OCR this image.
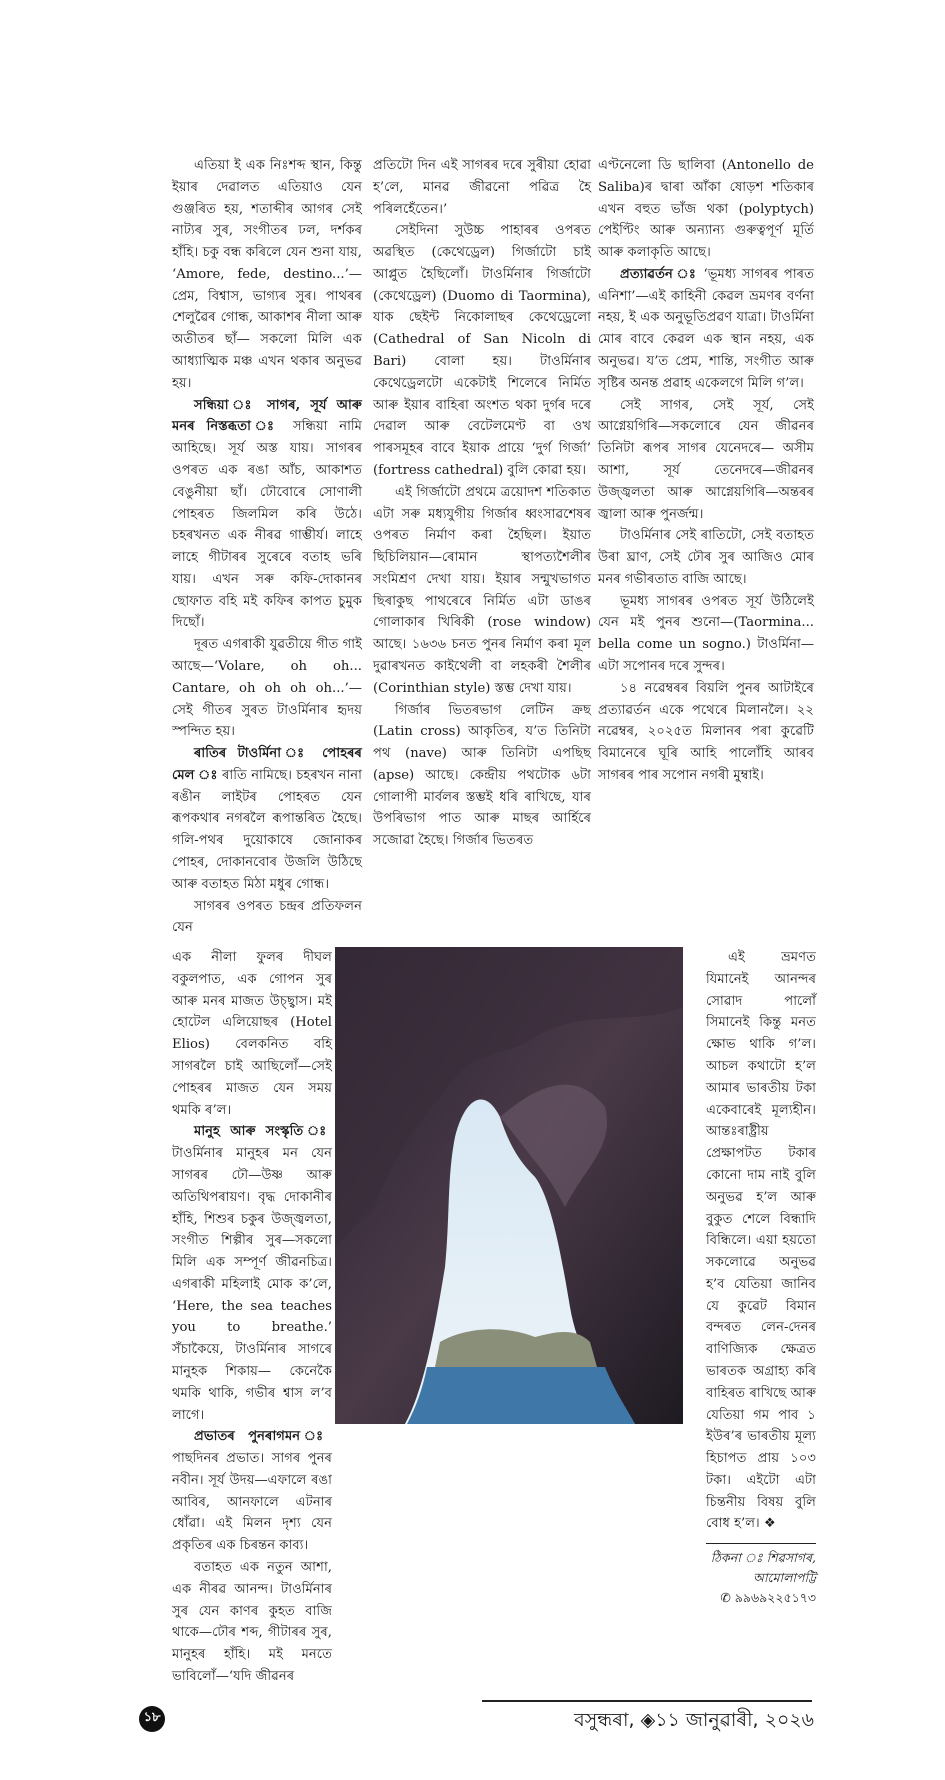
এতিয়া ই এক নিঃশব্দ স্থান, কিন্তু ইয়াৰ দেৱালত এতিয়াও যেন গুঞ্জৰিত হয়, শতাব্দীৰ আগৰ সেই নাট্যৰ সুৰ, সংগীতৰ ঢল, দৰ্শকৰ হাঁহি। চকু বন্ধ কৰিলে যেন শুনা যায়, ‘Amore, fede, destino...’—প্ৰেম, বিশ্বাস, ভাগ্যৰ সুৰ। পাথৰৰ শেলুৱৈৰ গোন্ধ, আকাশৰ নীলা আৰু অতীতৰ ছাঁ— সকলো মিলি এক আধ্যাত্মিক মঞ্চ এখন থকাৰ অনুভৱ হয়।

সন্ধিয়া ঃ সাগৰ, সূৰ্য আৰু মনৰ নিস্তব্ধতা ঃ সন্ধিয়া নামি আহিছে। সূৰ্য অস্ত যায়। সাগৰৰ ওপৰত এক ৰঙা আঁচ, আকাশত বেঙুনীয়া ছাঁ। ঢৌবোৰে সোণালী পোহৰত জিলমিল কৰি উঠে। চহৰখনত এক নীৰৱ গাম্ভীৰ্য। লাহে লাহে গীটাৰৰ সুৰেৰে বতাহ ভৰি যায়। এখন সৰু কফি-দোকানৰ ছোফাত বহি মই কফিৰ কাপত চুমুক দিছোঁ।

দূৰত এগৰাকী যুৱতীয়ে গীত গাই আছে—‘Volare, oh oh... Cantare, oh oh oh oh...’—সেই গীতৰ সুৰত টাওৰ্মিনাৰ হৃদয় স্পন্দিত হয়।

ৰাতিৰ টাওৰ্মিনা ঃ পোহৰৰ মেল ঃ ৰাতি নামিছে। চহৰখন নানা ৰঙীন লাইটৰ পোহৰত যেন ৰূপকথাৰ নগৰলৈ ৰূপান্তৰিত হৈছে। গলি-পথৰ দুয়োকাষে জোনাকৰ পোহৰ, দোকানবোৰ উজলি উঠিছে আৰু বতাহত মিঠা মধুৰ গোন্ধ।

সাগৰৰ ওপৰত চন্দ্ৰৰ প্ৰতিফলন যেন

প্ৰতিটো দিন এই সাগৰৰ দৰে সুৰীয়া হোৱা হ’লে, মানৱ জীৱনো পৱিত্ৰ হৈ পৰিলহেঁতেন।’

সেইদিনা সুউচ্চ পাহাৰৰ ওপৰত অৱস্থিত (কেথেড্ৰেল) গিৰ্জাটো চাই আপ্লুত হৈছিলোঁ। টাওৰ্মিনাৰ গিৰ্জাটো (কেথেড্ৰেল) (Duomo di Taormina), যাক ছেইন্ট নিকোলাছৰ কেথেড্ৰেলো (Cathedral of San Nicoln di Bari) বোলা হয়। টাওৰ্মিনাৰ কেথেড্ৰেলটো একেটাই শিলেৰে নিৰ্মিত আৰু ইয়াৰ বাহিৰা অংশত থকা দুৰ্গৰ দৰে দেৱাল আৰু বেটেলমেণ্ট বা ওখ পাৰসমূহৰ বাবে ইয়াক প্ৰায়ে ‘দুৰ্গ গিৰ্জা’ (fortress cathedral) বুলি কোৱা হয়।

এই গিৰ্জাটো প্ৰথমে ত্ৰয়োদশ শতিকাত এটা সৰু মধ্যযুগীয় গিৰ্জাৰ ধ্বংসাৱশেষৰ ওপৰত নিৰ্মাণ কৰা হৈছিল। ইয়াত ছিচিলিয়ান—ৰোমান স্থাপত্যশৈলীৰ সংমিশ্ৰণ দেখা যায়। ইয়াৰ সন্মুখভাগত ছিৰাকুছ পাথৰেৰে নিৰ্মিত এটা ডাঙৰ গোলাকাৰ খিৰিকী (rose window) আছে। ১৬৩৬ চনত পুনৰ নিৰ্মাণ কৰা মূল দুৱাৰখনত কাইথেলী বা লহকৰী শৈলীৰ (Corinthian style) স্তম্ভ দেখা যায়।

গিৰ্জাৰ ভিতৰভাগ লেটিন ক্ৰছ (Latin cross) আকৃতিৰ, য’ত তিনিটা পথ (nave) আৰু তিনিটা এপছিছ (apse) আছে। কেন্দ্ৰীয় পথটোক ৬টা গোলাপী মাৰ্বলৰ স্তম্ভই ধৰি ৰাখিছে, যাৰ উপৰিভাগ পাত আৰু মাছৰ আৰ্হিৰে সজোৱা হৈছে। গিৰ্জাৰ ভিতৰত

এণ্টনেলো ডি ছালিবা (Antonello de Saliba)ৰ দ্বাৰা আঁকা ষোড়শ শতিকাৰ এখন বহুত ভাঁজ থকা (polyptych) পেইণ্টিং আৰু অন্যান্য গুৰুত্বপূৰ্ণ মূৰ্তি আৰু কলাকৃতি আছে।

প্ৰত্যাৱৰ্তন ঃ ‘ভূমধ্য সাগৰৰ পাৰত এনিশা’—এই কাহিনী কেৱল ভ্ৰমণৰ বৰ্ণনা নহয়, ই এক অনুভূতিপ্ৰৱণ যাত্ৰা। টাওৰ্মিনা মোৰ বাবে কেৱল এক স্থান নহয়, এক অনুভৱ। য’ত প্ৰেম, শান্তি, সংগীত আৰু সৃষ্টিৰ অনন্ত প্ৰৱাহ একেলগে মিলি গ’ল।

সেই সাগৰ, সেই সূৰ্য, সেই আগ্নেয়গিৰি—সকলোৰে যেন জীৱনৰ তিনিটা ৰূপৰ সাগৰ যেনেদৰে— অসীম আশা, সূৰ্য তেনেদৰে—জীৱনৰ উজ্জ্বলতা আৰু আগ্নেয়গিৰি—অন্তৰৰ জ্বালা আৰু পুনৰ্জন্ম।

টাওৰ্মিনাৰ সেই ৰাতিটো, সেই বতাহত উৰা ঘ্ৰাণ, সেই ঢৌৰ সুৰ আজিও মোৰ মনৰ গভীৰতাত বাজি আছে।

ভূমধ্য সাগৰৰ ওপৰত সূৰ্য উঠিলেই যেন মই পুনৰ শুনো—(Taormina... bella come un sogno.) টাওৰ্মিনা—এটা সপোনৰ দৰে সুন্দৰ।

১৪ নৱেম্বৰৰ বিয়লি পুনৰ আটাইৰে প্ৰত্যাৱৰ্তন একে পথেৰে মিলানলৈ। ২২ নৱেম্বৰ, ২০২৫ত মিলানৰ পৰা কুৱেটি বিমানেৰে ঘূৰি আহি পালোঁহি আৰব সাগৰৰ পাৰ সপোন নগৰী মুম্বাই।

এক নীলা ফুলৰ দীঘল বকুলপাত, এক গোপন সুৰ আৰু মনৰ মাজত উচ্ছ্বাস। মই হোটেল এলিয়োছৰ (Hotel Elios) বেলকনিত বহি সাগৰলৈ চাই আছিলোঁ—সেই পোহৰৰ মাজত যেন সময় থমকি ৰ’ল।

মানুহ আৰু সংস্কৃতি ঃ টাওৰ্মিনাৰ মানুহৰ মন যেন সাগৰৰ ঢৌ—উষ্ণ আৰু অতিথিপৰায়ণ। বৃদ্ধ দোকানীৰ হাঁহি, শিশুৰ চকুৰ উজ্জ্বলতা, সংগীত শিল্পীৰ সুৰ—সকলো মিলি এক সম্পূৰ্ণ জীৱনচিত্ৰ। এগৰাকী মহিলাই মোক ক’লে, ‘Here, the sea teaches you to breathe.’ সঁচাকৈয়ে, টাওৰ্মিনাৰ সাগৰে মানুহক শিকায়— কেনেকৈ থমকি থাকি, গভীৰ শ্বাস ল’ব লাগে।

প্ৰভাতৰ পুনৰাগমন ঃ পাছদিনৰ প্ৰভাত। সাগৰ পুনৰ নবীন। সূৰ্য উদয়—এফালে ৰঙা আবিৰ, আনফালে এটনাৰ ধোঁৱা। এই মিলন দৃশ্য যেন প্ৰকৃতিৰ এক চিৰন্তন কাব্য।

বতাহত এক নতুন আশা, এক নীৰৱ আনন্দ। টাওৰ্মিনাৰ সুৰ যেন কাণৰ কুহত বাজি থাকে—ঢৌৰ শব্দ, গীটাৰৰ সুৰ, মানুহৰ হাঁহি। মই মনতে ভাবিলোঁ—‘যদি জীৱনৰ

এই ভ্ৰমণত যিমানেই আনন্দৰ সোৱাদ পালোঁ সিমানেই কিন্তু মনত ক্ষোভ থাকি গ’ল। আচল কথাটো হ’ল আমাৰ ভাৰতীয় টকা একেবাৰেই মূল্যহীন। আন্তঃৰাষ্ট্ৰীয় প্ৰেক্ষাপটত টকাৰ কোনো দাম নাই বুলি অনুভৱ হ’ল আৰু বুকুত শেলে বিন্ধাদি বিন্ধিলে। এয়া হয়তো সকলোৱে অনুভৱ হ’ব যেতিয়া জানিব যে কুৱেট বিমান বন্দৰত লেন-দেনৰ বাণিজ্যিক ক্ষেত্ৰত ভাৰতক অগ্ৰাহ্য কৰি বাহিৰত ৰাখিছে আৰু যেতিয়া গম পাব ১ ইউৰ’ৰ ভাৰতীয় মূল্য হিচাপত প্ৰায় ১০৩ টকা। এইটো এটা চিন্তনীয় বিষয় বুলি বোধ হ’ল। ❖

ঠিকনা ঃ শিৱসাগৰ,
আমোলাপট্টি
✆ ৯৯৬৯২২৫১৭৩
১৮	বসুন্ধৰা, ◈১১ জানুৱাৰী, ২০২৬
